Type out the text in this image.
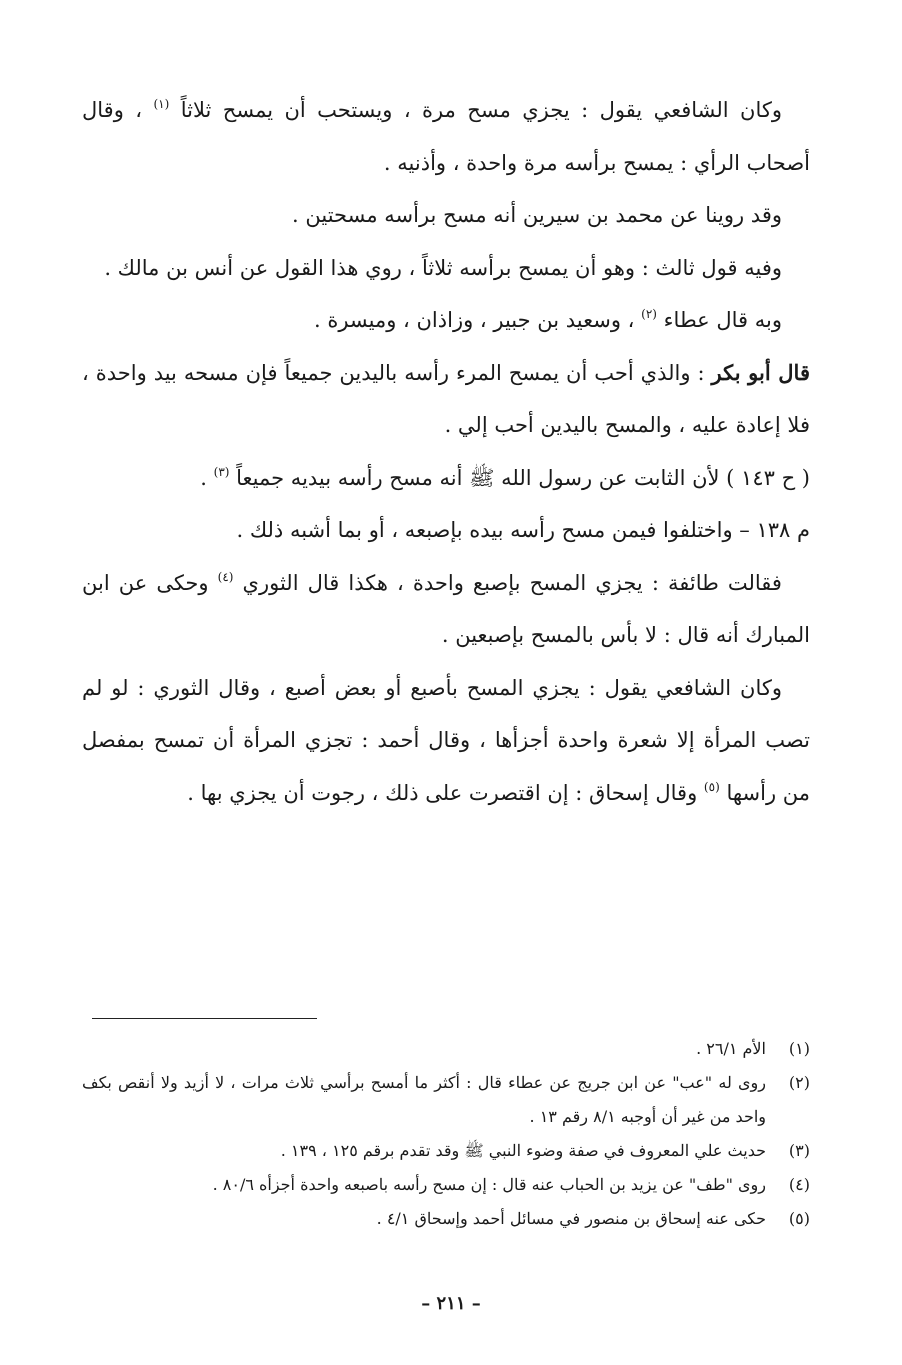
وكان الشافعي يقول : يجزي مسح مرة ، ويستحب أن يمسح ثلاثاً $^{(١)}$ ، وقال أصحاب الرأي : يمسح برأسه مرة واحدة ، وأذنيه .

وقد روينا عن محمد بن سيرين أنه مسح برأسه مسحتين .

وفيه قول ثالث : وهو أن يمسح برأسه ثلاثاً ، روي هذا القول عن أنس بن مالك .

وبه قال عطاء $^{(٢)}$ ، وسعيد بن جبير ، وزاذان ، وميسرة .

قال أبو بكر : والذي أحب أن يمسح المرء رأسه باليدين جميعاً فإن مسحه بيد واحدة ، فلا إعادة عليه ، والمسح باليدين أحب إلي .

( ح ١٤٣ ) لأن الثابت عن رسول الله ﷺ أنه مسح رأسه بيديه جميعاً $^{(٣)}$ .

م ١٣٨ – واختلفوا فيمن مسح رأسه بيده بإصبعه ، أو بما أشبه ذلك .

فقالت طائفة : يجزي المسح بإصبع واحدة ، هكذا قال الثوري $^{(٤)}$ وحكى عن ابن المبارك أنه قال : لا بأس بالمسح بإصبعين .

وكان الشافعي يقول : يجزي المسح بأصبع أو بعض أصبع ، وقال الثوري : لو لم تصب المرأة إلا شعرة واحدة أجزأها ، وقال أحمد : تجزي المرأة أن تمسح بمفصل من رأسها $^{(٥)}$ وقال إسحاق : إن اقتصرت على ذلك ، رجوت أن يجزي بها .

(١)
الأم ٢٦/١ .
(٢)
روى له "عب" عن ابن جريج عن عطاء قال : أكثر ما أمسح برأسي ثلاث مرات ، لا أزيد ولا أنقص بكف واحد من غير أن أوجبه ٨/١ رقم ١٣ .
(٣)
حديث علي المعروف في صفة وضوء النبي ﷺ وقد تقدم برقم ١٢٥ ، ١٣٩ .
(٤)
روى "طف" عن يزيد بن الحباب عنه قال : إن مسح رأسه باصبعه واحدة أجزأه ٨٠/٦ .
(٥)
حكى عنه إسحاق بن منصور في مسائل أحمد وإسحاق ٤/١ .
– ٢١١ –
